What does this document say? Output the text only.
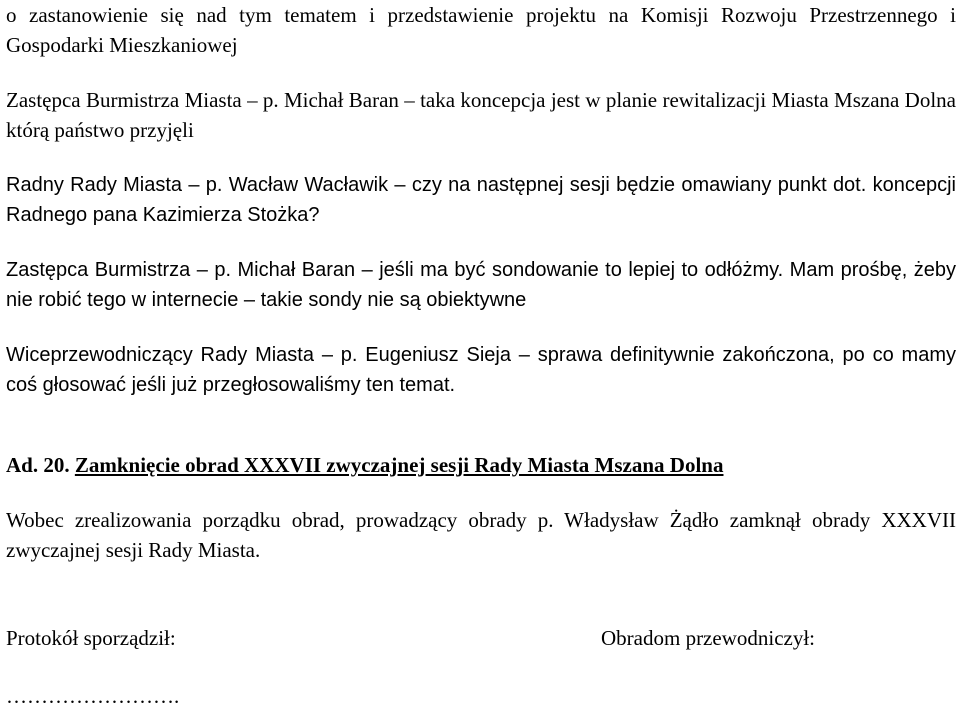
o zastanowienie się nad tym tematem i przedstawienie projektu na Komisji Rozwoju Przestrzennego i Gospodarki Mieszkaniowej

Zastępca Burmistrza Miasta – p. Michał Baran – taka koncepcja jest w planie rewitalizacji Miasta Mszana Dolna którą państwo przyjęli

Radny Rady Miasta – p. Wacław Wacławik – czy na następnej sesji będzie omawiany punkt dot. koncepcji Radnego pana Kazimierza Stożka?

Zastępca Burmistrza – p. Michał Baran – jeśli ma być sondowanie to lepiej to odłóżmy. Mam prośbę, żeby nie robić tego w internecie – takie sondy nie są obiektywne

Wiceprzewodniczący Rady Miasta – p. Eugeniusz Sieja – sprawa definitywnie zakończona, po co mamy coś głosować jeśli już przegłosowaliśmy ten temat.

Ad. 20. Zamknięcie obrad XXXVII zwyczajnej sesji Rady Miasta Mszana Dolna

Wobec zrealizowania porządku obrad, prowadzący obrady p. Władysław Żądło zamknął obrady XXXVII zwyczajnej sesji Rady Miasta.

Protokół sporządził:	Obradom przewodniczył:
…………………….
